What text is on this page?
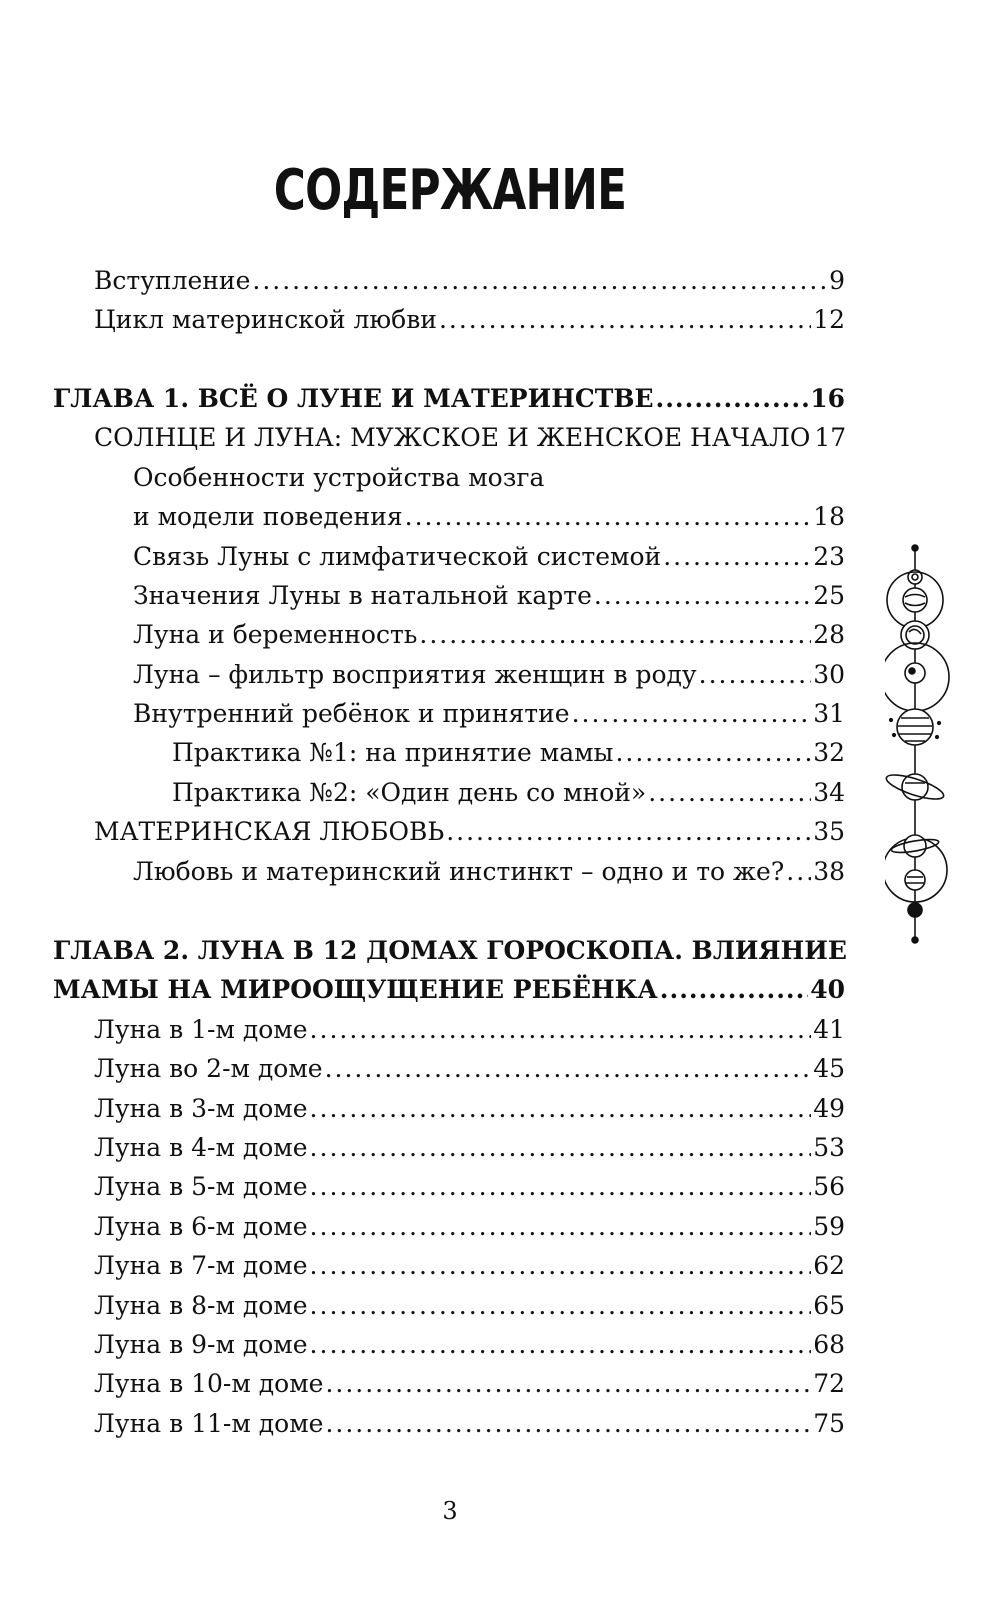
СОДЕРЖАНИЕ
Вступление .....	9
Цикл материнской любви .....	12
ГЛАВА 1. ВСЁ О ЛУНЕ И МАТЕРИНСТВЕ .....	16
СОЛНЦЕ И ЛУНА: МУЖСКОЕ И ЖЕНСКОЕ НАЧАЛО 17
Особенности устройства мозга
и модели поведения .....	18
Связь Луны с лимфатической системой .....	23
Значения Луны в натальной карте .....	25
Луна и беременность .....	28
Луна – фильтр восприятия женщин в роду .....	30
Внутренний ребёнок и принятие .....	31
Практика №1: на принятие мамы .....	32
Практика №2: «Один день со мной» .....	34
МАТЕРИНСКАЯ ЛЮБОВЬ .....	35
Любовь и материнский инстинкт – одно и то же? ..... 38
ГЛАВА 2. ЛУНА В 12 ДОМАХ ГОРОСКОПА. ВЛИЯНИЕ
МАМЫ НА МИРООЩУЩЕНИЕ РЕБЁНКА .....	40
Луна в 1-м доме .....	41
Луна во 2-м доме .....	45
Луна в 3-м доме .....	49
Луна в 4-м доме .....	53
Луна в 5-м доме .....	56
Луна в 6-м доме .....	59
Луна в 7-м доме .....	62
Луна в 8-м доме .....	65
Луна в 9-м доме .....	68
Луна в 10-м доме .....	72
Луна в 11-м доме .....	75
3
